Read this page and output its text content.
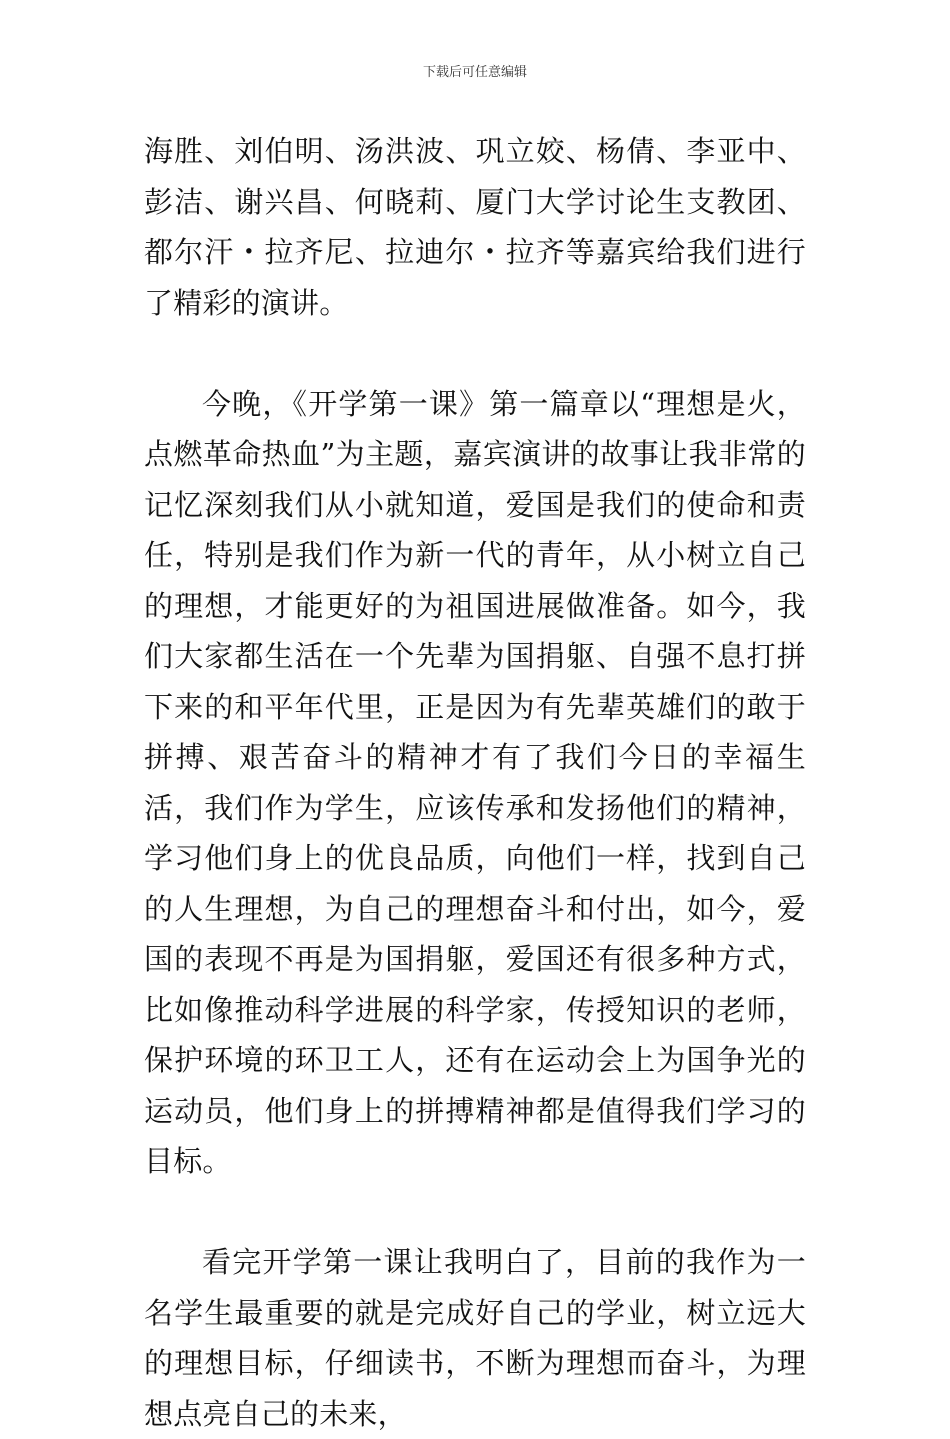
下载后可任意编辑

海胜、刘伯明、汤洪波、巩立姣、杨倩、李亚中、彭洁、谢兴昌、何晓莉、厦门大学讨论生支教团、都尔汗・拉齐尼、拉迪尔・拉齐等嘉宾给我们进行了精彩的演讲。

今晚，《开学第一课》第一篇章以“理想是火，点燃革命热血”为主题，嘉宾演讲的故事让我非常的记忆深刻我们从小就知道，爱国是我们的使命和责任，特别是我们作为新一代的青年，从小树立自己的理想，才能更好的为祖国进展做准备。如今，我们大家都生活在一个先辈为国捐躯、自强不息打拼下来的和平年代里，正是因为有先辈英雄们的敢于拼搏、艰苦奋斗的精神才有了我们今日的幸福生活，我们作为学生，应该传承和发扬他们的精神，学习他们身上的优良品质，向他们一样，找到自己的人生理想，为自己的理想奋斗和付出，如今，爱国的表现不再是为国捐躯，爱国还有很多种方式，比如像推动科学进展的科学家，传授知识的老师，保护环境的环卫工人，还有在运动会上为国争光的运动员，他们身上的拼搏精神都是值得我们学习的目标。

看完开学第一课让我明白了，目前的我作为一名学生最重要的就是完成好自己的学业，树立远大的理想目标，仔细读书，不断为理想而奋斗，为理想点亮自己的未来，
